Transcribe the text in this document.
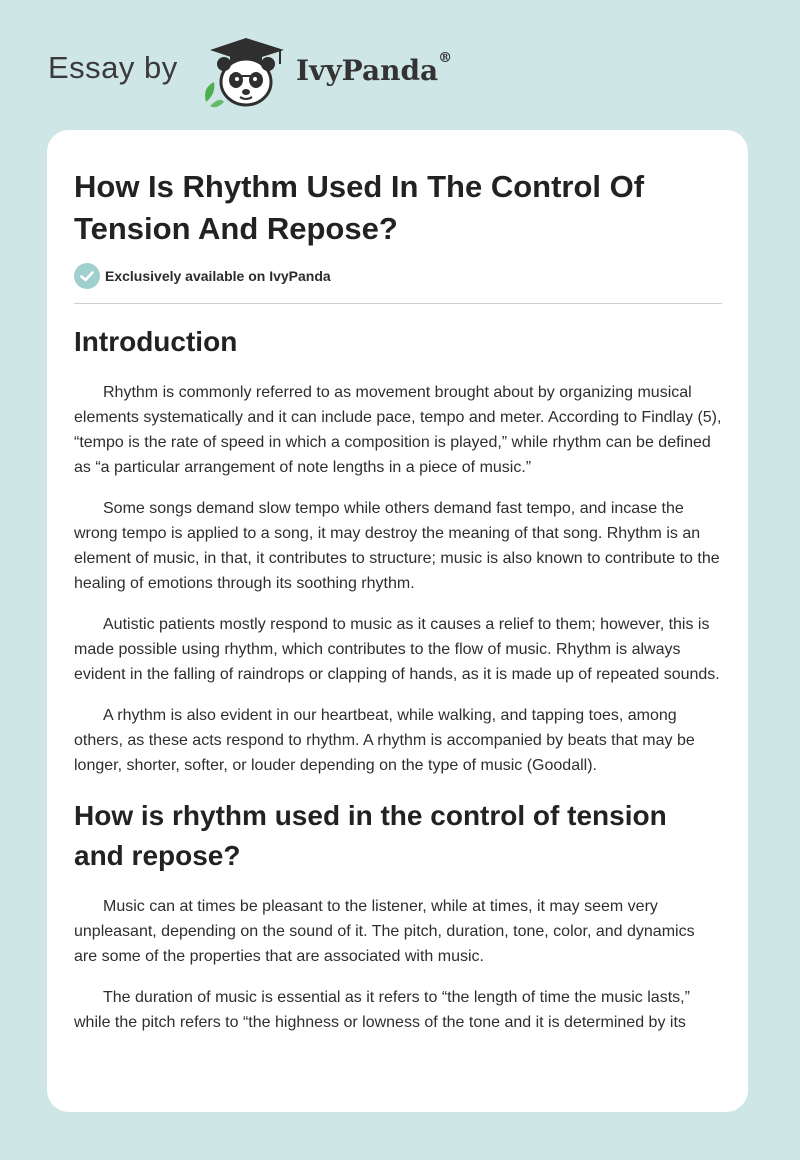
Essay by	IvyPanda®
How Is Rhythm Used In The Control Of Tension And Repose?
Exclusively available on IvyPanda
Introduction

Rhythm is commonly referred to as movement brought about by organizing musical elements systematically and it can include pace, tempo and meter. According to Findlay (5), “tempo is the rate of speed in which a composition is played,” while rhythm can be defined as “a particular arrangement of note lengths in a piece of music.”

Some songs demand slow tempo while others demand fast tempo, and incase the wrong tempo is applied to a song, it may destroy the meaning of that song. Rhythm is an element of music, in that, it contributes to structure; music is also known to contribute to the healing of emotions through its soothing rhythm.

Autistic patients mostly respond to music as it causes a relief to them; however, this is made possible using rhythm, which contributes to the flow of music. Rhythm is always evident in the falling of raindrops or clapping of hands, as it is made up of repeated sounds.

A rhythm is also evident in our heartbeat, while walking, and tapping toes, among others, as these acts respond to rhythm. A rhythm is accompanied by beats that may be longer, shorter, softer, or louder depending on the type of music (Goodall).

How is rhythm used in the control of tension and repose?

Music can at times be pleasant to the listener, while at times, it may seem very unpleasant, depending on the sound of it. The pitch, duration, tone, color, and dynamics are some of the properties that are associated with music.

The duration of music is essential as it refers to “the length of time the music lasts,” while the pitch refers to “the highness or lowness of the tone and it is determined by its
